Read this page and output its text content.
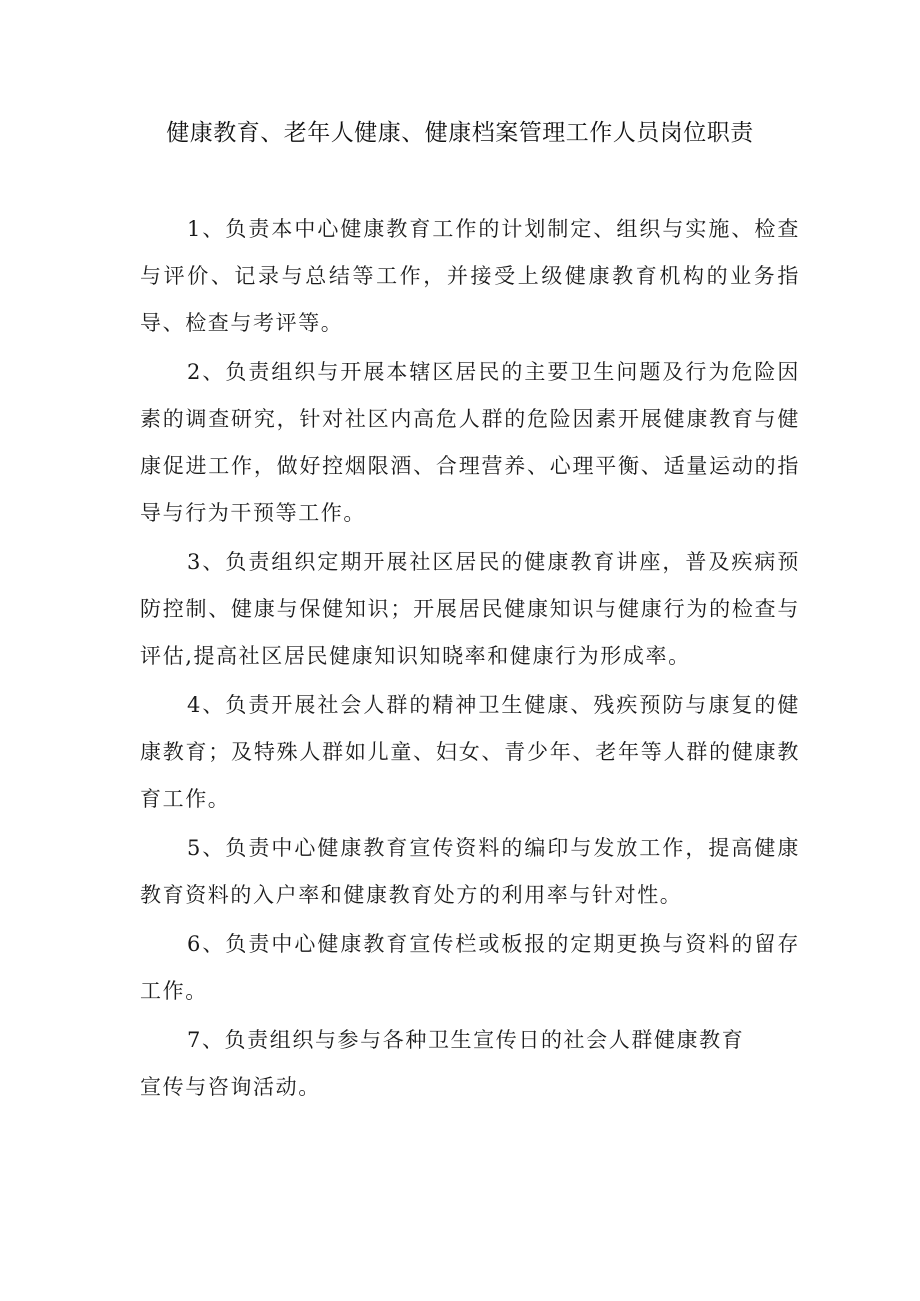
健康教育、老年人健康、健康档案管理工作人员岗位职责

1、负责本中心健康教育工作的计划制定、组织与实施、检查与评价、记录与总结等工作，并接受上级健康教育机构的业务指导、检查与考评等。

2、负责组织与开展本辖区居民的主要卫生问题及行为危险因素的调查研究，针对社区内高危人群的危险因素开展健康教育与健康促进工作，做好控烟限酒、合理营养、心理平衡、适量运动的指导与行为干预等工作。

3、负责组织定期开展社区居民的健康教育讲座，普及疾病预防控制、健康与保健知识；开展居民健康知识与健康行为的检查与评估,提高社区居民健康知识知晓率和健康行为形成率。

4、负责开展社会人群的精神卫生健康、残疾预防与康复的健康教育；及特殊人群如儿童、妇女、青少年、老年等人群的健康教育工作。

5、负责中心健康教育宣传资料的编印与发放工作，提高健康教育资料的入户率和健康教育处方的利用率与针对性。

6、负责中心健康教育宣传栏或板报的定期更换与资料的留存工作。

7、负责组织与参与各种卫生宣传日的社会人群健康教育

宣传与咨询活动。
